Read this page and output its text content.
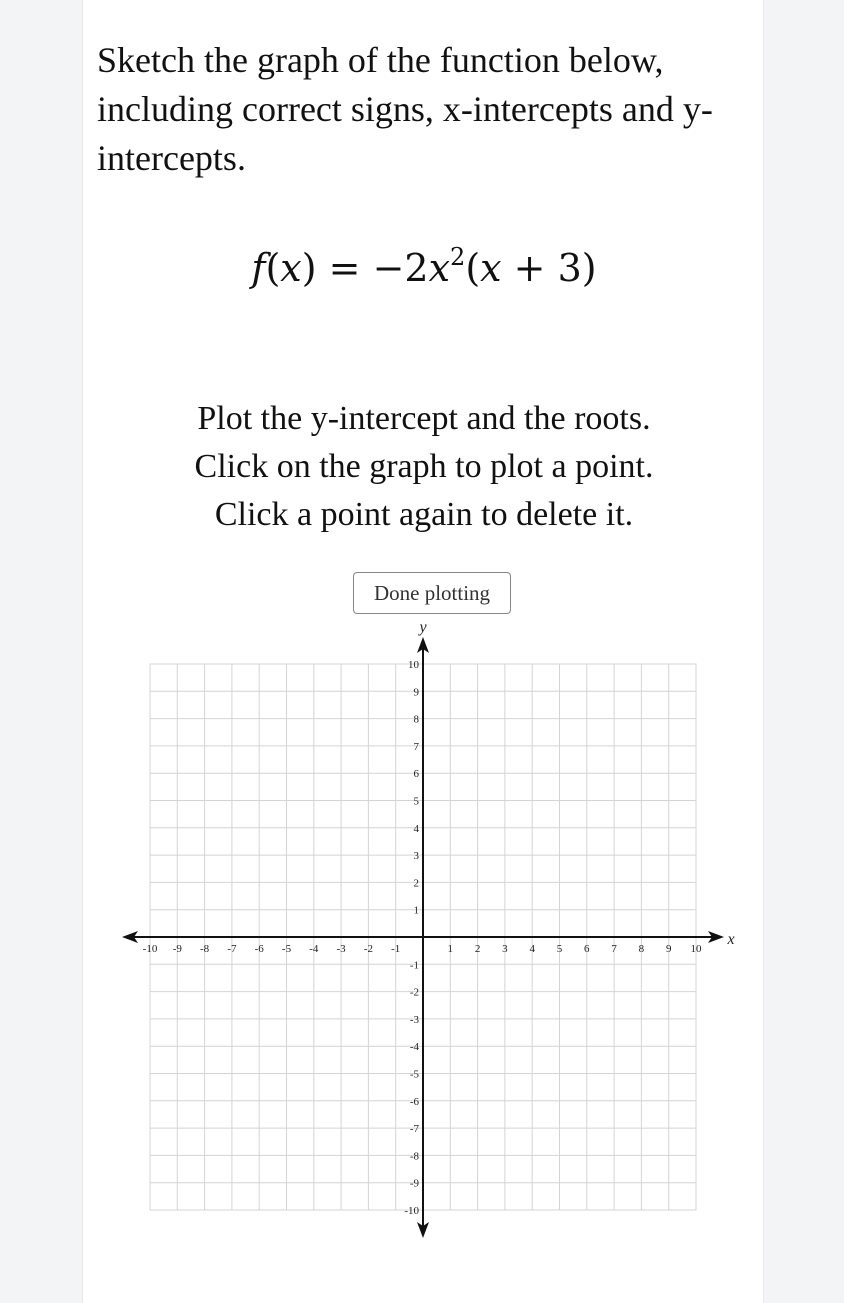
Sketch the graph of the function below, including correct signs, x-intercepts and y-intercepts.

$f(x) = -2x^2(x + 3)$
Plot the y-intercept and the roots.
Click on the graph to plot a point.
Click a point again to delete it.
Done plotting
-10 -9 -8 -7 -6 -5 -4 -3 -2 -1	1 2 3 4 5 6 7 8 9 10
10
9
8
7
6
5
4
3
2
1
-1
-2
-3
-4
-5
-6
-7
-8
-9
-10
x
y
